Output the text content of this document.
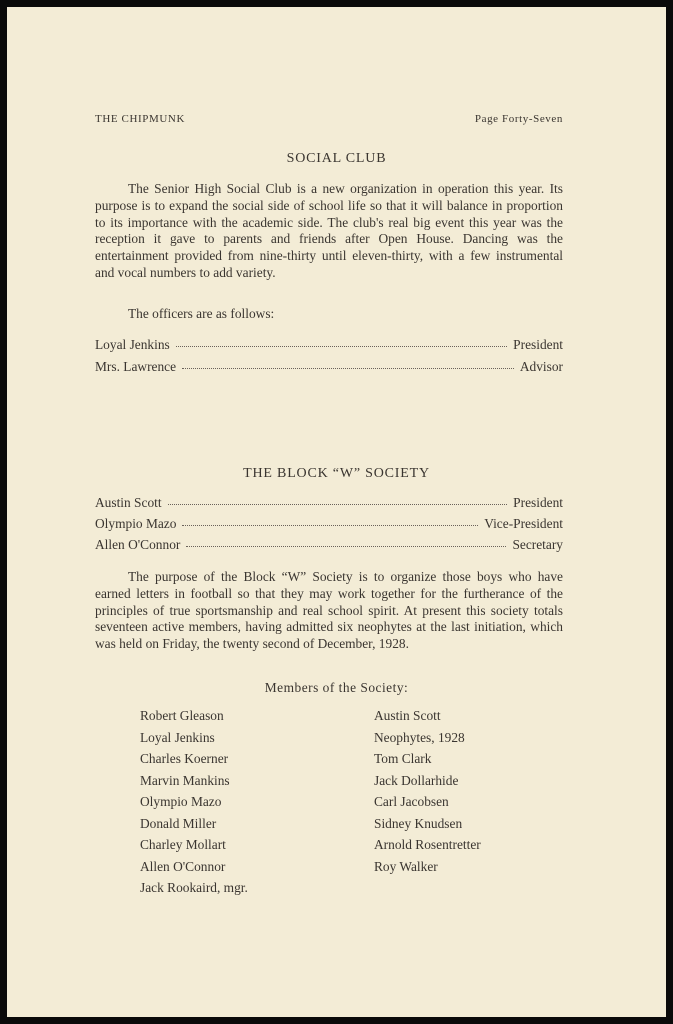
THE CHIPMUNK	Page Forty-Seven
SOCIAL CLUB

The Senior High Social Club is a new organization in operation this year. Its purpose is to expand the social side of school life so that it will balance in proportion to its importance with the academic side. The club's real big event this year was the reception it gave to parents and friends after Open House. Dancing was the entertainment provided from nine-thirty until eleven-thirty, with a few instrumental and vocal numbers to add variety.

The officers are as follows:

Loyal Jenkins	President
Mrs. Lawrence	Advisor
THE BLOCK “W” SOCIETY
Austin Scott	President
Olympio Mazo	Vice-President
Allen O'Connor	Secretary

The purpose of the Block “W” Society is to organize those boys who have earned letters in football so that they may work together for the furtherance of the principles of true sportsmanship and real school spirit. At present this society totals seventeen active members, having admitted six neophytes at the last initiation, which was held on Friday, the twenty second of December, 1928.

Members of the Society:
Robert Gleason
Loyal Jenkins
Charles Koerner
Marvin Mankins
Olympio Mazo
Donald Miller
Charley Mollart
Allen O'Connor
Jack Rookaird, mgr.
Austin Scott
Neophytes, 1928
Tom Clark
Jack Dollarhide
Carl Jacobsen
Sidney Knudsen
Arnold Rosentretter
Roy Walker
